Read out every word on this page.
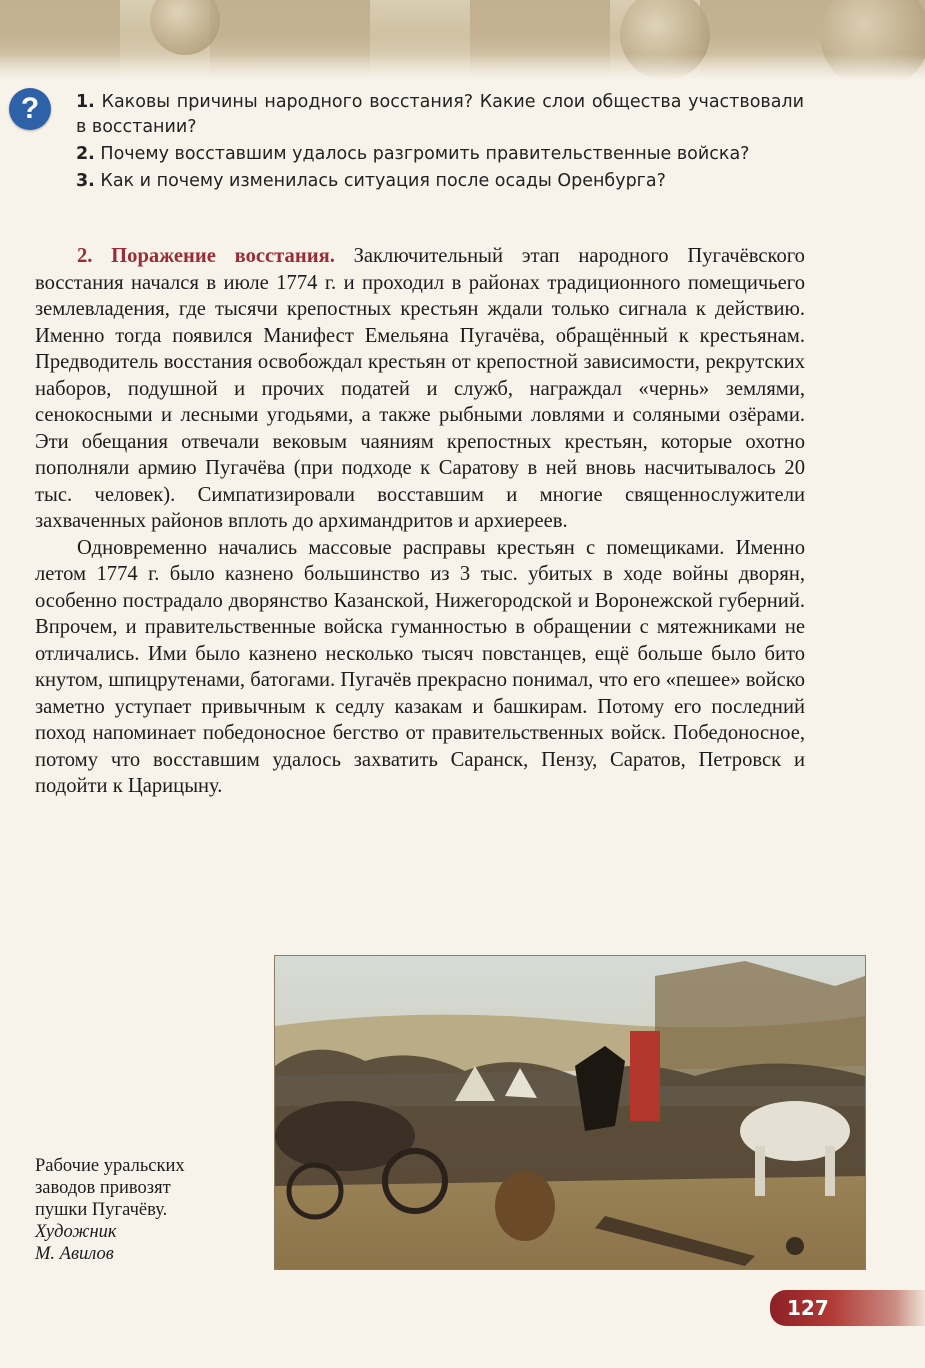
?	1. Каковы причины народного восстания? Какие слои общества участвовали в восстании?

2. Почему восставшим удалось разгромить правительственные войска?

3. Как и почему изменилась ситуация после осады Оренбурга?

2. Поражение восстания. Заключительный этап народного Пугачёвского восстания начался в июле 1774 г. и проходил в районах традиционного помещичьего землевладения, где тысячи крепостных крестьян ждали только сигнала к действию. Именно тогда появился Манифест Емельяна Пугачёва, обращённый к крестьянам. Предводитель восстания освобождал крестьян от крепостной зависимости, рекрутских наборов, подушной и прочих податей и служб, награждал «чернь» землями, сенокосными и лесными угодьями, а также рыбными ловлями и соляными озёрами. Эти обещания отвечали вековым чаяниям крепостных крестьян, которые охотно пополняли армию Пугачёва (при подходе к Саратову в ней вновь насчитывалось 20 тыс. человек). Симпатизировали восставшим и многие священнослужители захваченных районов вплоть до архимандритов и архиереев.

Одновременно начались массовые расправы крестьян с помещиками. Именно летом 1774 г. было казнено большинство из 3 тыс. убитых в ходе войны дворян, особенно пострадало дворянство Казанской, Нижегородской и Воронежской губерний. Впрочем, и правительственные войска гуманностью в обращении с мятежниками не отличались. Ими было казнено несколько тысяч повстанцев, ещё больше было бито кнутом, шпицрутенами, батогами. Пугачёв прекрасно понимал, что его «пешее» войско заметно уступает привычным к седлу казакам и башкирам. Потому его последний поход напоминает победоносное бегство от правительственных войск. Победоносное, потому что восставшим удалось захватить Саранск, Пензу, Саратов, Петровск и подойти к Царицыну.

Рабочие уральских
заводов привозят
пушки Пугачёву.
Художник
М. Авилов
127
